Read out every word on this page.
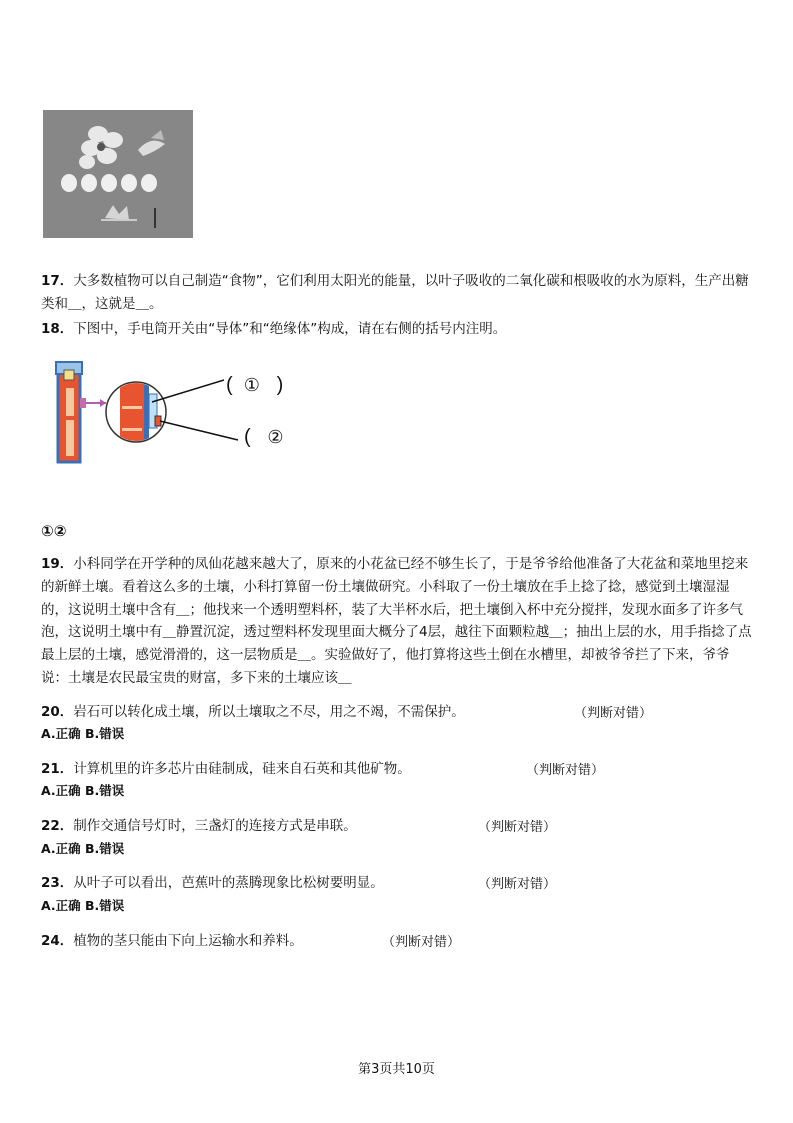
17．大多数植物可以自己制造“食物”，它们利用太阳光的能量，以叶子吸收的二氧化碳和根吸收的水为原料，生产出糖类和＿，这就是＿。
18．下图中，手电筒开关由“导体”和“绝缘体”构成，请在右侧的括号内注明。
(  ①   )
(   ②
①②
19．小科同学在开学种的凤仙花越来越大了，原来的小花盆已经不够生长了，于是爷爷给他准备了大花盆和菜地里挖来的新鲜土壤。看着这么多的土壤，小科打算留一份土壤做研究。小科取了一份土壤放在手上捻了捻，感觉到土壤湿湿的，这说明土壤中含有＿；他找来一个透明塑料杯，装了大半杯水后，把土壤倒入杯中充分搅拌，发现水面多了许多气泡，这说明土壤中有＿静置沉淀，透过塑料杯发现里面大概分了4层，越往下面颗粒越＿；抽出上层的水，用手指捻了点最上层的土壤，感觉滑滑的，这一层物质是＿。实验做好了，他打算将这些土倒在水槽里，却被爷爷拦了下来，爷爷说：土壤是农民最宝贵的财富，多下来的土壤应该＿
20．岩石可以转化成土壤，所以土壤取之不尽，用之不竭，不需保护。	（判断对错）
A.正确 B.错误
21．计算机里的许多芯片由硅制成，硅来自石英和其他矿物。	（判断对错）
A.正确 B.错误
22．制作交通信号灯时，三盏灯的连接方式是串联。	（判断对错）
A.正确 B.错误
23．从叶子可以看出，芭蕉叶的蒸腾现象比松树要明显。	（判断对错）
A.正确 B.错误
24．植物的茎只能由下向上运输水和养料。	（判断对错）
第3页共10页
